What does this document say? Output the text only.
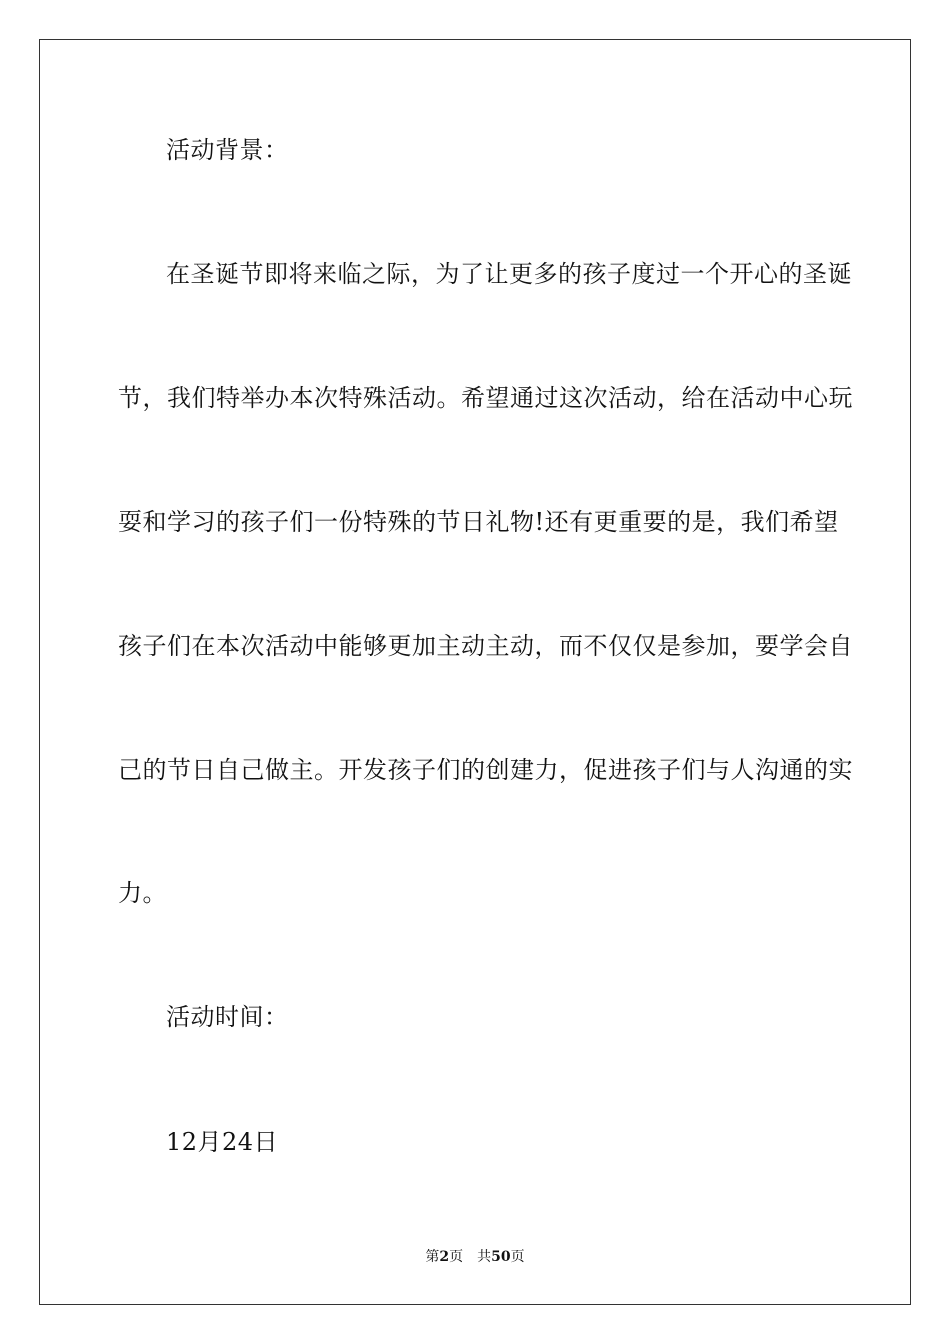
活动背景：
在圣诞节即将来临之际，为了让更多的孩子度过一个开心的圣诞
节，我们特举办本次特殊活动。希望通过这次活动，给在活动中心玩
耍和学习的孩子们一份特殊的节日礼物!还有更重要的是，我们希望
孩子们在本次活动中能够更加主动主动，而不仅仅是参加，要学会自
己的节日自己做主。开发孩子们的创建力，促进孩子们与人沟通的实
力。
活动时间：
12月24日
第2页 共50页
